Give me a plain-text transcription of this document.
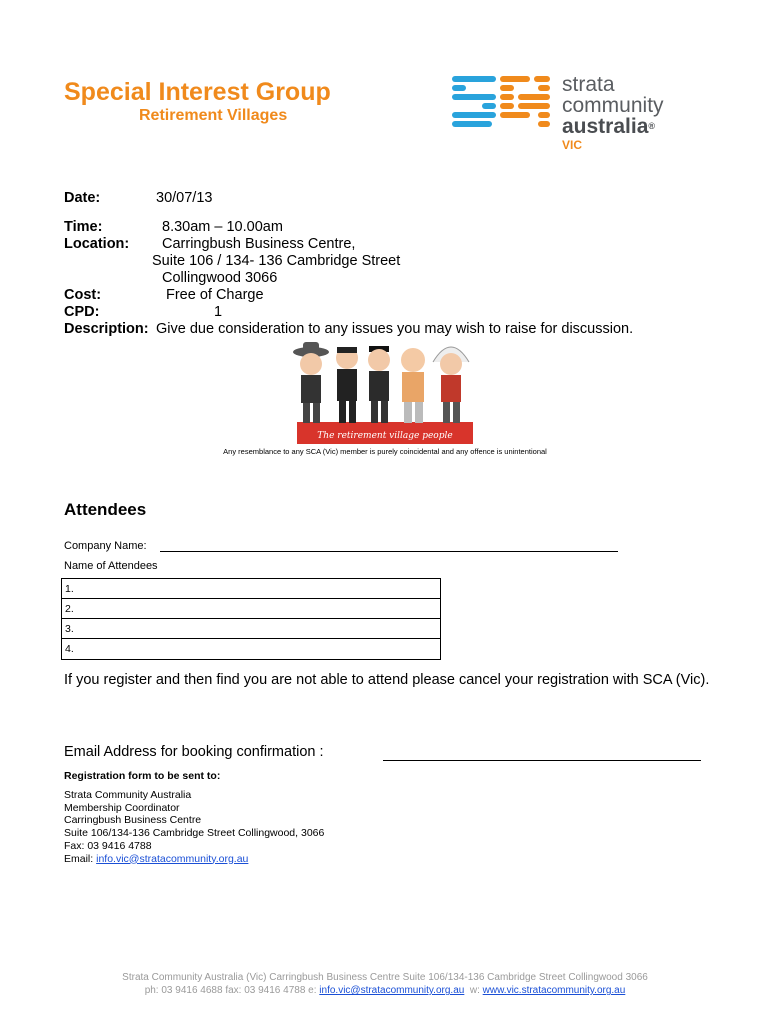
Special Interest Group
Retirement Villages
strata
community
australia®
VIC
Date:	30/07/13
Time:	8.30am – 10.00am
Location: Carringbush Business Centre,
Suite 106 / 134- 136 Cambridge Street
Collingwood 3066
Cost:	Free of Charge
CPD:	1
Description: Give due consideration to any issues you may wish to raise for discussion.
The retirement village people
Any resemblance to any SCA (Vic) member is purely coincidental and any offence is unintentional
Attendees
Company Name:
Name of Attendees
1.
2.
3.
4.
If you register and then find you are not able to attend please cancel your registration with SCA (Vic).
Email Address for booking confirmation :
Registration form to be sent to:
Strata Community Australia
Membership Coordinator
Carringbush Business Centre
Suite 106/134-136 Cambridge Street Collingwood, 3066
Fax: 03 9416 4788
Email: info.vic@stratacommunity.org.au
Strata Community Australia (Vic) Carringbush Business Centre Suite 106/134-136 Cambridge Street Collingwood 3066
ph: 03 9416 4688 fax: 03 9416 4788 e: info.vic@stratacommunity.org.au w: www.vic.stratacommunity.org.au
